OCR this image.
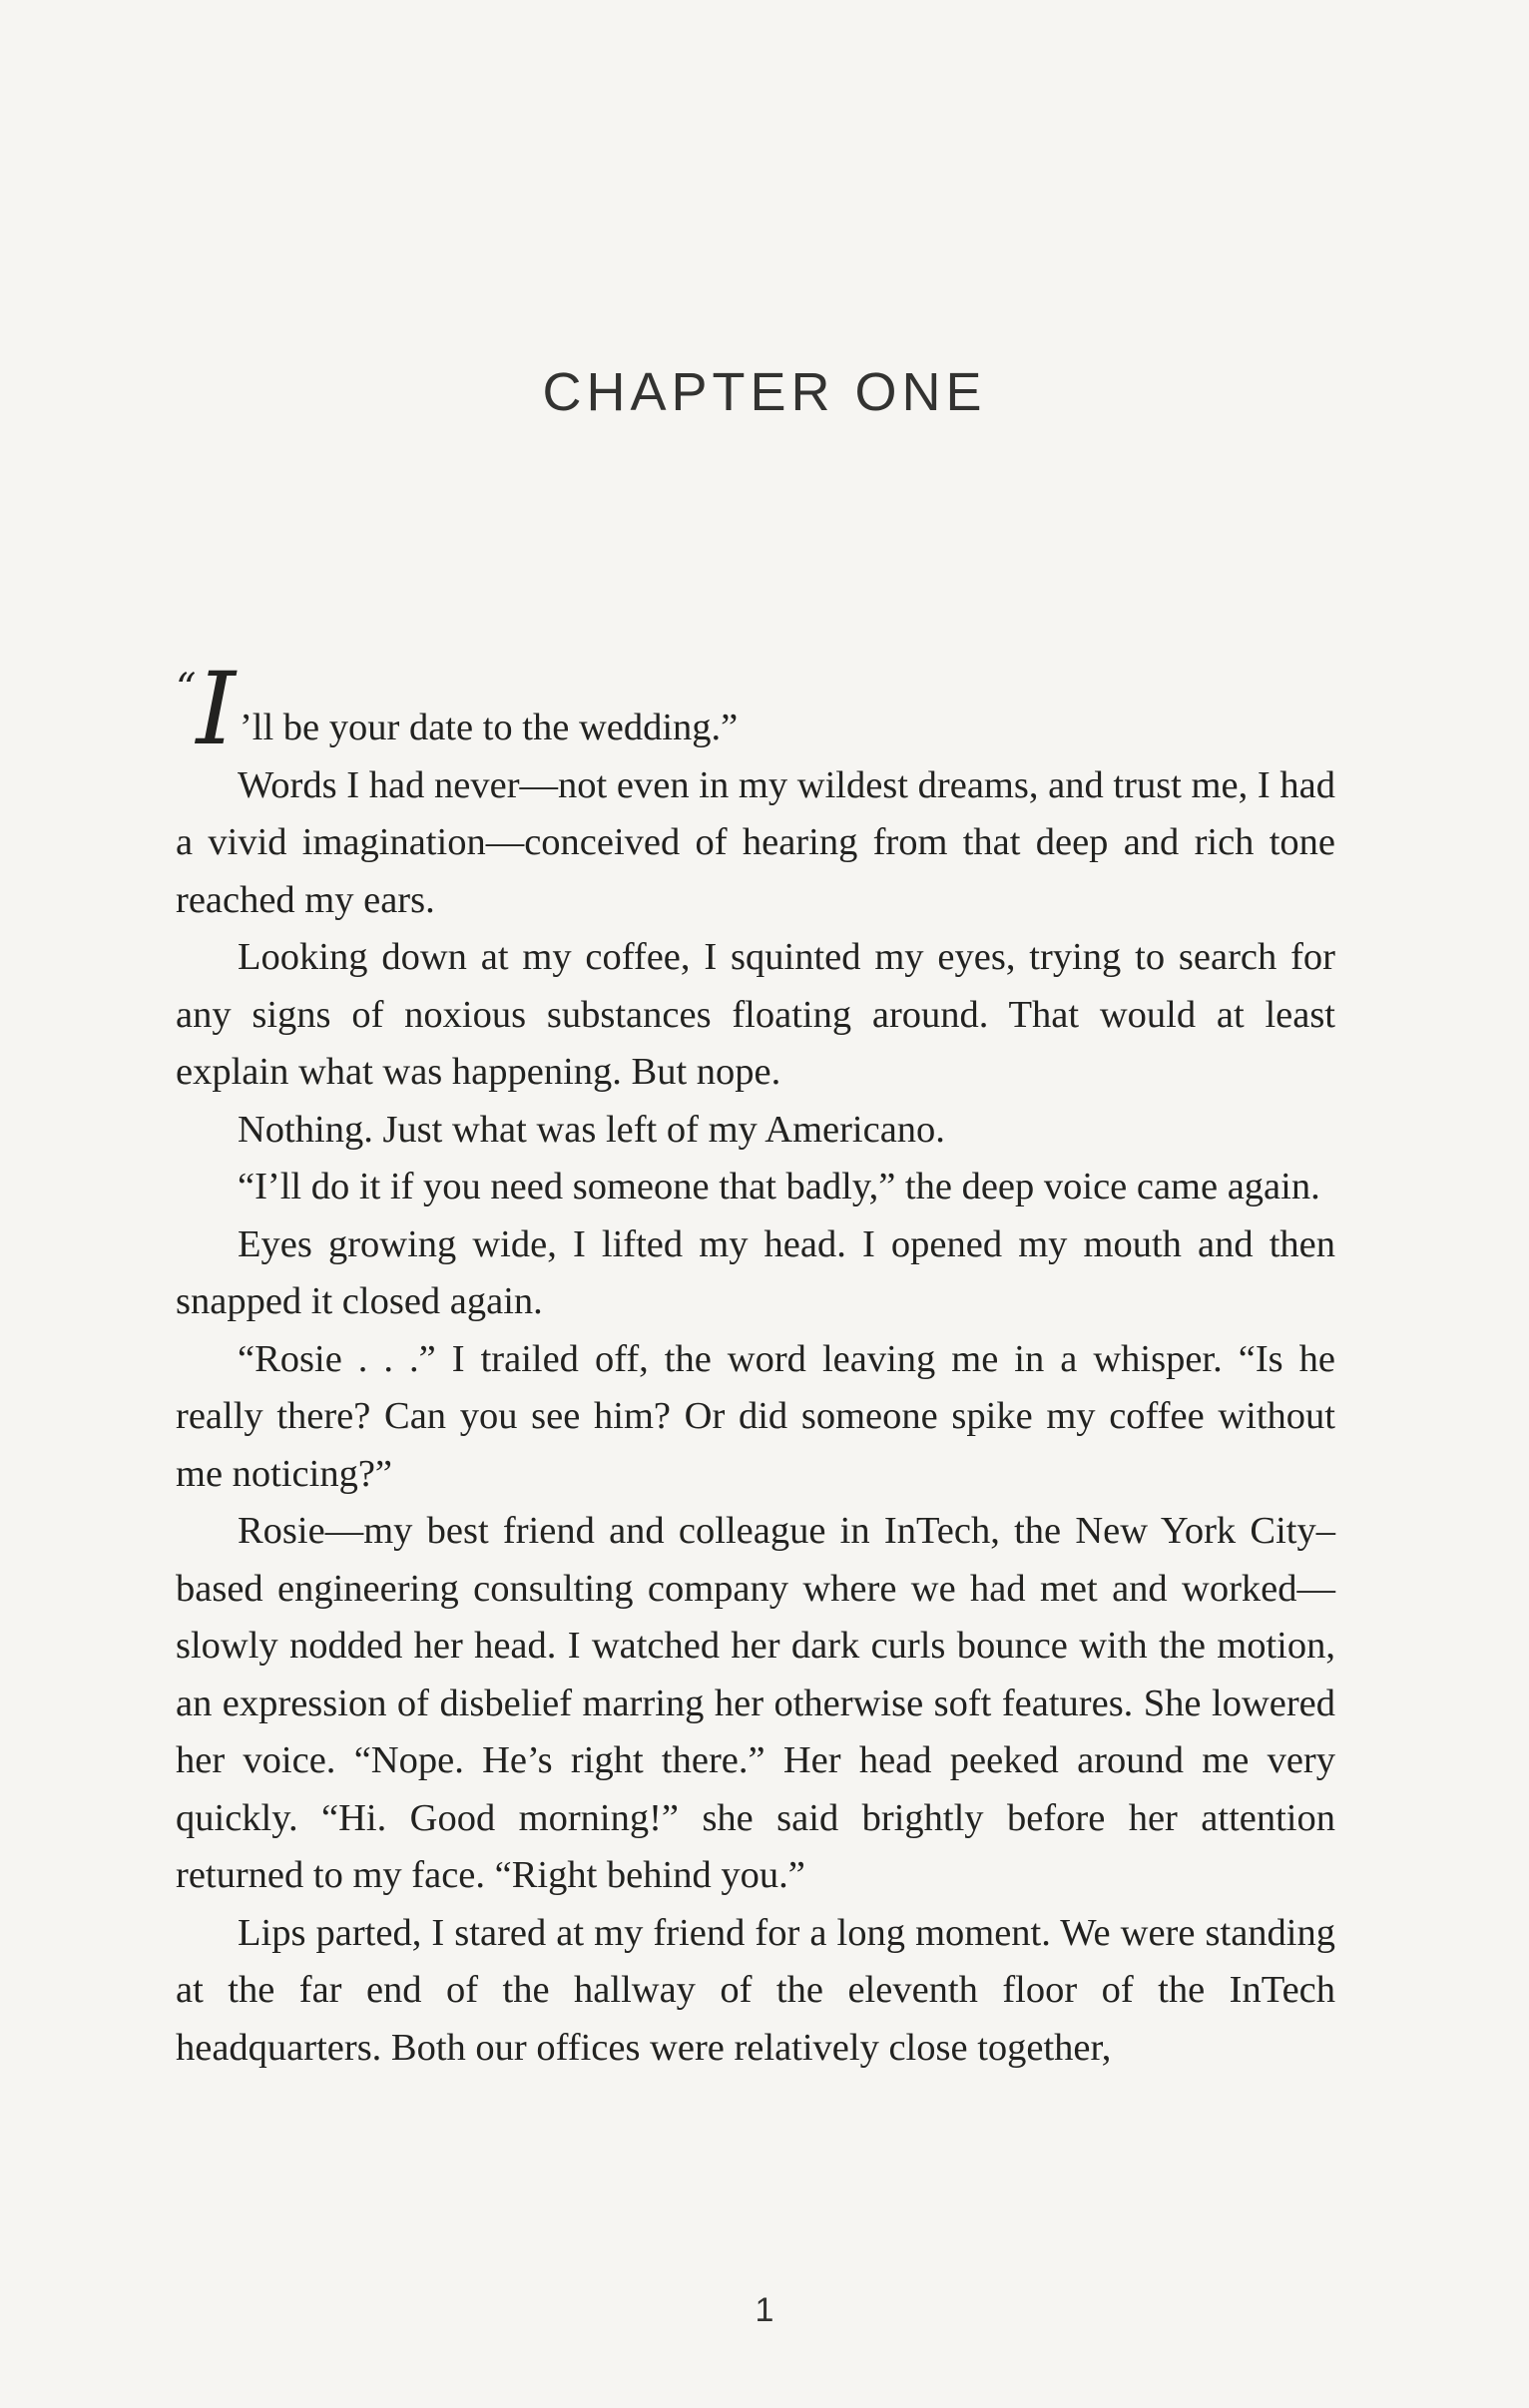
CHAPTER ONE

“I ’ll be your date to the wedding.”

Words I had never—not even in my wildest dreams, and trust me, I had a vivid imagination—conceived of hearing from that deep and rich tone reached my ears.

Looking down at my coffee, I squinted my eyes, trying to search for any signs of noxious substances floating around. That would at least explain what was happening. But nope.

Nothing. Just what was left of my Americano.

“I’ll do it if you need someone that badly,” the deep voice came again.

Eyes growing wide, I lifted my head. I opened my mouth and then snapped it closed again.

“Rosie . . .” I trailed off, the word leaving me in a whisper. “Is he really there? Can you see him? Or did someone spike my coffee without me noticing?”

Rosie—my best friend and colleague in InTech, the New York City–based engineering consulting company where we had met and worked—slowly nodded her head. I watched her dark curls bounce with the motion, an expression of disbelief marring her otherwise soft features. She lowered her voice. “Nope. He’s right there.” Her head peeked around me very quickly. “Hi. Good morning!” she said brightly before her attention returned to my face. “Right behind you.”

Lips parted, I stared at my friend for a long moment. We were standing at the far end of the hallway of the eleventh floor of the InTech headquarters. Both our offices were relatively close together,

1
